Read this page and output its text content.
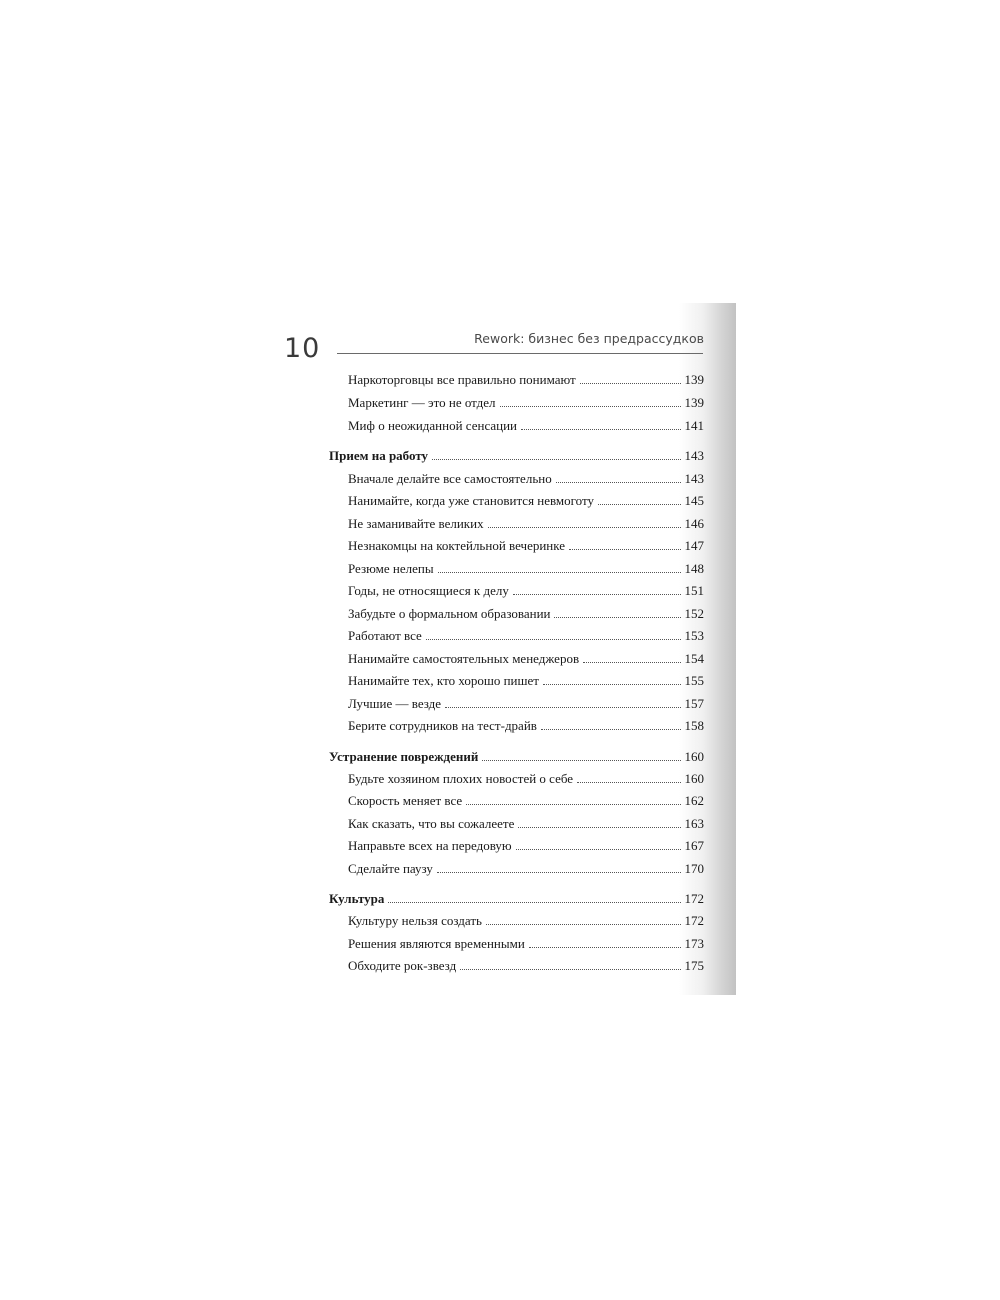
10	Rework: бизнес без предрассудков
Наркоторговцы все правильно понимают	139
Маркетинг — это не отдел	139
Миф о неожиданной сенсации	141
Прием на работу	143
Вначале делайте все самостоятельно	143
Нанимайте, когда уже становится невмоготу	145
Не заманивайте великих	146
Незнакомцы на коктейльной вечеринке	147
Резюме нелепы	148
Годы, не относящиеся к делу	151
Забудьте о формальном образовании	152
Работают все	153
Нанимайте самостоятельных менеджеров	154
Нанимайте тех, кто хорошо пишет	155
Лучшие — везде	157
Берите сотрудников на тест-драйв	158
Устранение повреждений	160
Будьте хозяином плохих новостей о себе	160
Скорость меняет все	162
Как сказать, что вы сожалеете	163
Направьте всех на передовую	167
Сделайте паузу	170
Культура	172
Культуру нельзя создать	172
Решения являются временными	173
Обходите рок-звезд	175
